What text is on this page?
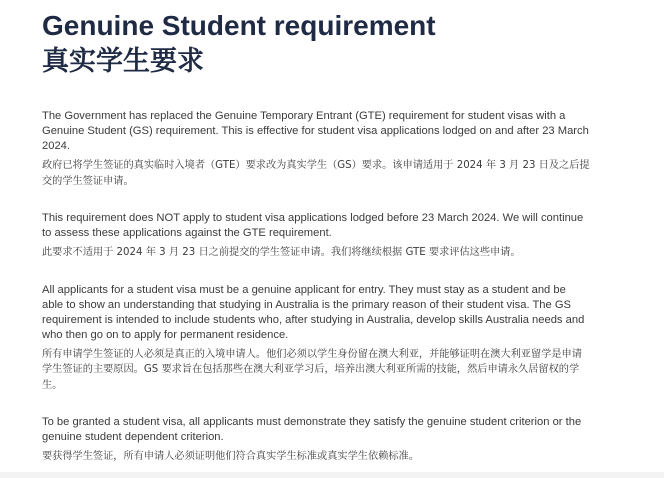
Genuine Student requirement
真实学生要求

The Government has replaced the Genuine Temporary Entrant (GTE) requirement for student visas with a Genuine Student (GS) requirement. This is effective for student visa applications lodged on and after 23 March 2024.

政府已将学生签证的真实临时入境者（GTE）要求改为真实学生（GS）要求。该申请适用于 2024 年 3 月 23 日及之后提交的学生签证申请。

This requirement does NOT apply to student visa applications lodged before 23 March 2024. We will continue to assess these applications against the GTE requirement.

此要求不适用于 2024 年 3 月 23 日之前提交的学生签证申请。我们将继续根据 GTE 要求评估这些申请。

All applicants for a student visa must be a genuine applicant for entry. They must stay as a student and be able to show an understanding that studying in Australia is the primary reason of their student visa. The GS requirement is intended to include students who, after studying in Australia, develop skills Australia needs and who then go on to apply for permanent residence.

所有申请学生签证的人必须是真正的入境申请人。他们必须以学生身份留在澳大利亚，并能够证明在澳大利亚留学是申请学生签证的主要原因。GS 要求旨在包括那些在澳大利亚学习后，培养出澳大利亚所需的技能，然后申请永久居留权的学生。

To be granted a student visa, all applicants must demonstrate they satisfy the genuine student criterion or the genuine student dependent criterion.

要获得学生签证，所有申请人必须证明他们符合真实学生标准或真实学生依赖标准。
